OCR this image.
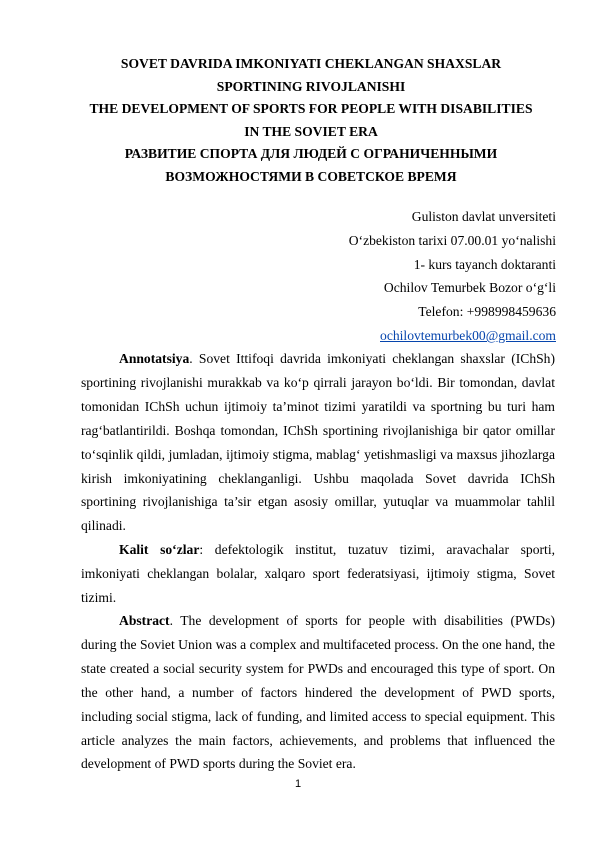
SOVET DAVRIDA IMKONIYATI CHEKLANGAN SHAXSLAR
SPORTINING RIVOJLANISHI
THE DEVELOPMENT OF SPORTS FOR PEOPLE WITH DISABILITIES
IN THE SOVIET ERA
РАЗВИТИЕ СПОРТА ДЛЯ ЛЮДЕЙ С ОГРАНИЧЕННЫМИ
ВОЗМОЖНОСТЯМИ В СОВЕТСКОЕ ВРЕМЯ
Guliston davlat unversiteti
O‘zbekiston tarixi 07.00.01 yo‘nalishi
1- kurs tayanch doktaranti
Ochilov Temurbek Bozor o‘g‘li
Telefon: +998998459636
ochilovtemurbek00@gmail.com

Annotatsiya. Sovet Ittifoqi davrida imkoniyati cheklangan shaxslar (IChSh) sportining rivojlanishi murakkab va ko‘p qirrali jarayon bo‘ldi. Bir tomondan, davlat tomonidan IChSh uchun ijtimoiy ta’minot tizimi yaratildi va sportning bu turi ham rag‘batlantirildi. Boshqa tomondan, IChSh sportining rivojlanishiga bir qator omillar to‘sqinlik qildi, jumladan, ijtimoiy stigma, mablag‘ yetishmasligi va maxsus jihozlarga kirish imkoniyatining cheklanganligi. Ushbu maqolada Sovet davrida IChSh sportining rivojlanishiga ta’sir etgan asosiy omillar, yutuqlar va muammolar tahlil qilinadi.

Kalit so‘zlar: defektologik institut, tuzatuv tizimi, aravachalar sporti, imkoniyati cheklangan bolalar, xalqaro sport federatsiyasi, ijtimoiy stigma, Sovet tizimi.

Abstract. The development of sports for people with disabilities (PWDs) during the Soviet Union was a complex and multifaceted process. On the one hand, the state created a social security system for PWDs and encouraged this type of sport. On the other hand, a number of factors hindered the development of PWD sports, including social stigma, lack of funding, and limited access to special equipment. This article analyzes the main factors, achievements, and problems that influenced the development of PWD sports during the Soviet era.

1
